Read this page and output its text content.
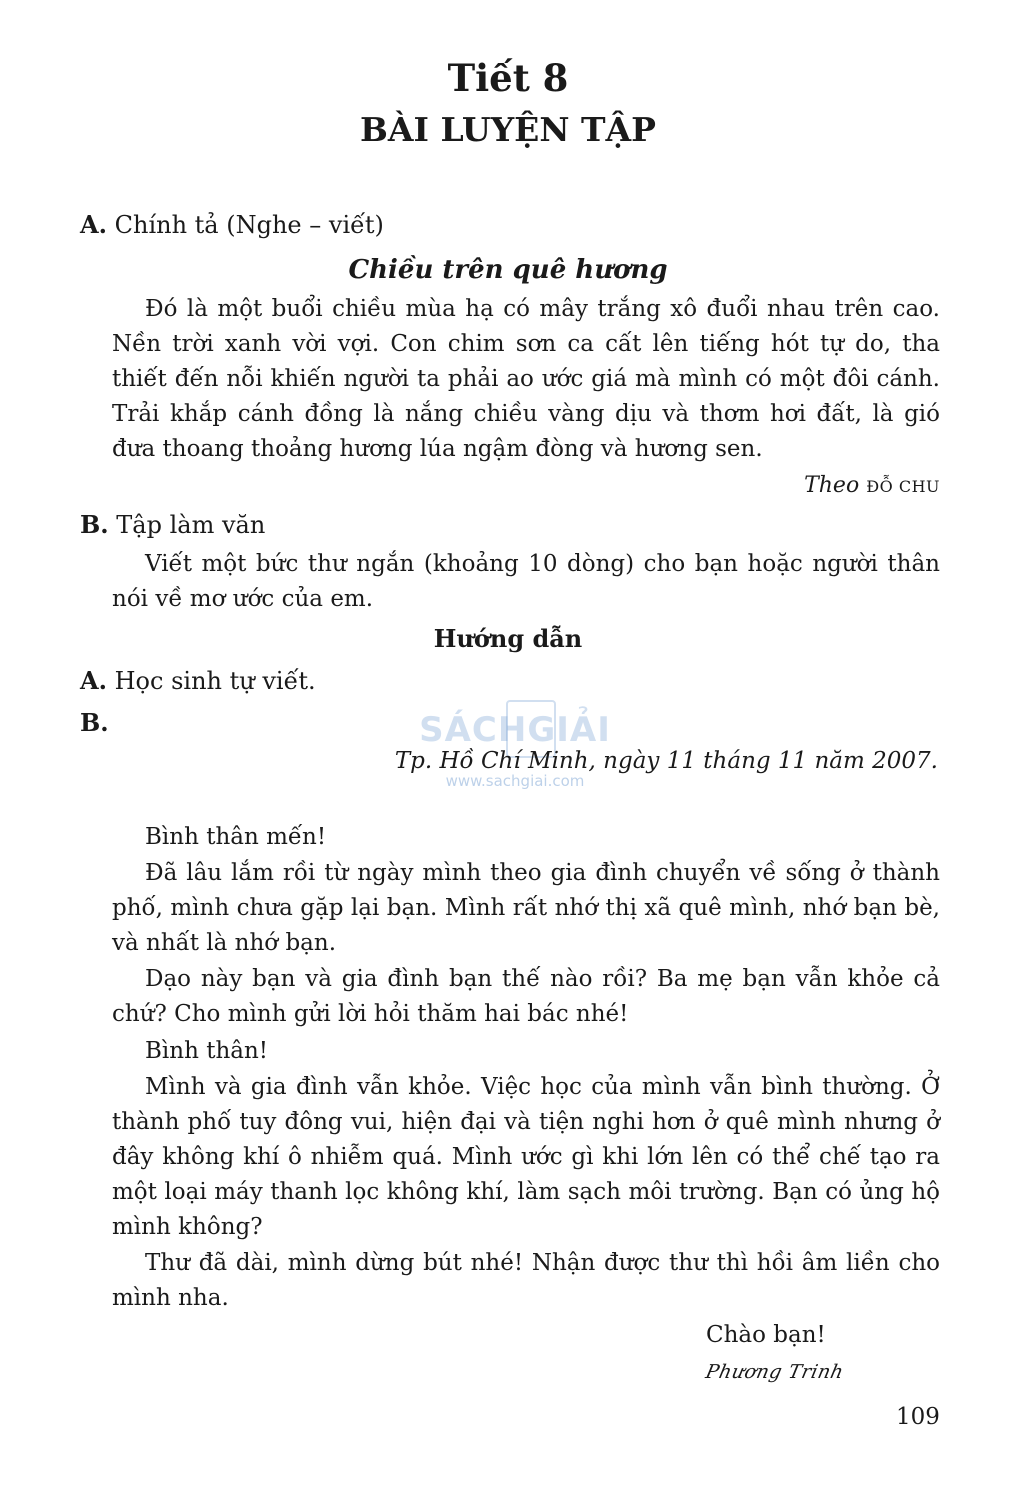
Tiết 8
BÀI LUYỆN TẬP
A. Chính tả (Nghe – viết)
Chiều trên quê hương

Đó là một buổi chiều mùa hạ có mây trắng xô đuổi nhau trên cao. Nền trời xanh vời vợi. Con chim sơn ca cất lên tiếng hót tự do, tha thiết đến nỗi khiến người ta phải ao ước giá mà mình có một đôi cánh. Trải khắp cánh đồng là nắng chiều vàng dịu và thơm hơi đất, là gió đưa thoang thoảng hương lúa ngậm đòng và hương sen.

Theo ĐỖ CHU
B. Tập làm văn

Viết một bức thư ngắn (khoảng 10 dòng) cho bạn hoặc người thân nói về mơ ước của em.

Hướng dẫn
A. Học sinh tự viết.
B.	SÁCHGIẢI
www.sachgiai.com
Tp. Hồ Chí Minh, ngày 11 tháng 11 năm 2007.
Bình thân mến!

Đã lâu lắm rồi từ ngày mình theo gia đình chuyển về sống ở thành phố, mình chưa gặp lại bạn. Mình rất nhớ thị xã quê mình, nhớ bạn bè, và nhất là nhớ bạn.

Dạo này bạn và gia đình bạn thế nào rồi? Ba mẹ bạn vẫn khỏe cả chứ? Cho mình gửi lời hỏi thăm hai bác nhé!

Bình thân!

Mình và gia đình vẫn khỏe. Việc học của mình vẫn bình thường. Ở thành phố tuy đông vui, hiện đại và tiện nghi hơn ở quê mình nhưng ở đây không khí ô nhiễm quá. Mình ước gì khi lớn lên có thể chế tạo ra một loại máy thanh lọc không khí, làm sạch môi trường. Bạn có ủng hộ mình không?

Thư đã dài, mình dừng bút nhé! Nhận được thư thì hồi âm liền cho mình nha.

Chào bạn!
Phương Trinh
109
